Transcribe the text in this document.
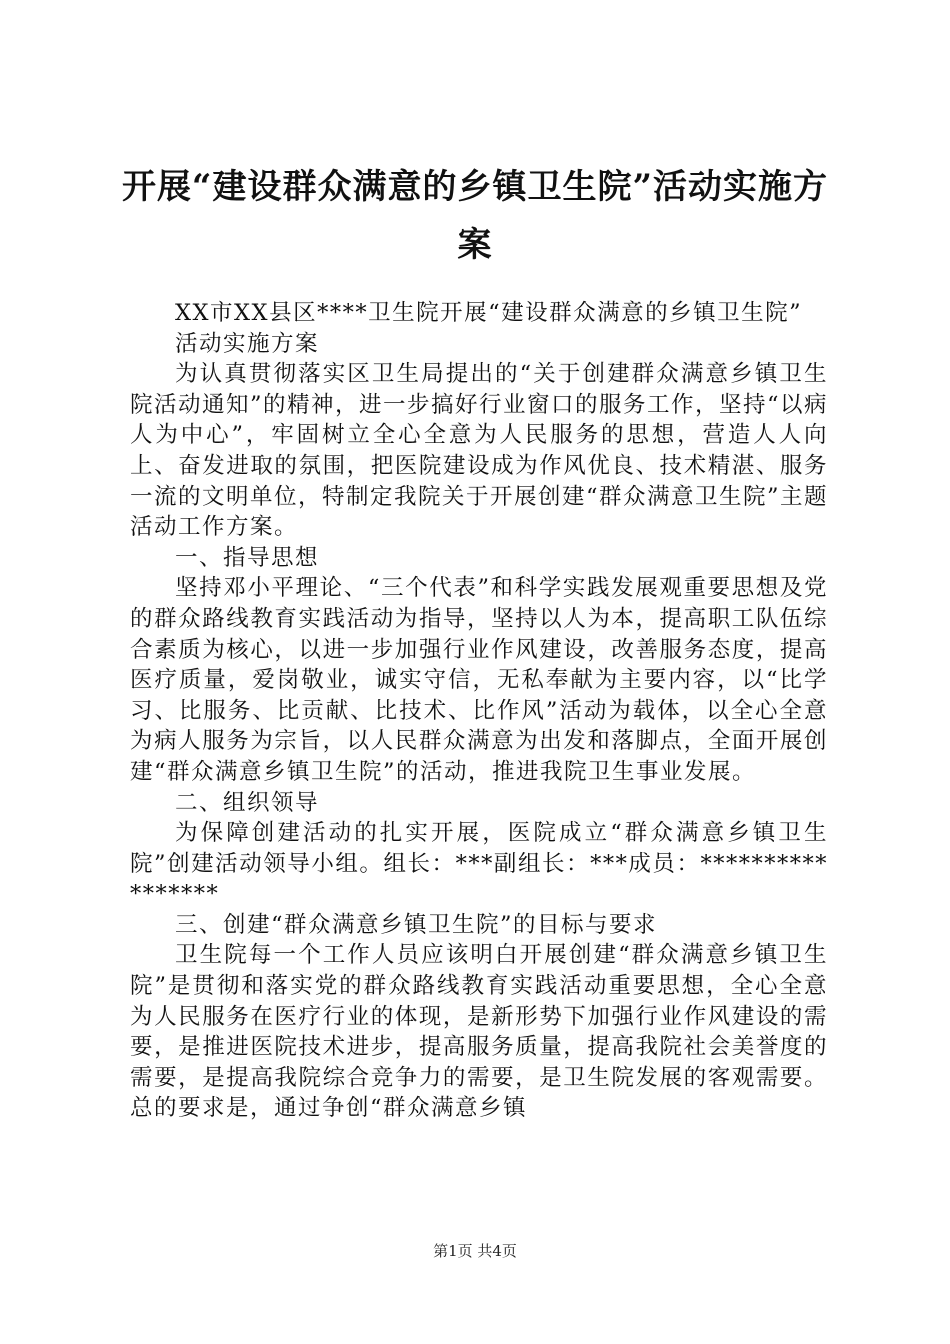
开展“建设群众满意的乡镇卫生院”活动实施方案

XX市XX县区****卫生院开展“建设群众满意的乡镇卫生院”

活动实施方案

为认真贯彻落实区卫生局提出的“关于创建群众满意乡镇卫生院活动通知”的精神，进一步搞好行业窗口的服务工作，坚持“以病人为中心”，牢固树立全心全意为人民服务的思想，营造人人向上、奋发进取的氛围，把医院建设成为作风优良、技术精湛、服务一流的文明单位，特制定我院关于开展创建“群众满意卫生院”主题活动工作方案。

一、指导思想

坚持邓小平理论、“三个代表”和科学实践发展观重要思想及党的群众路线教育实践活动为指导，坚持以人为本，提高职工队伍综合素质为核心，以进一步加强行业作风建设，改善服务态度，提高医疗质量，爱岗敬业，诚实守信，无私奉献为主要内容，以“比学习、比服务、比贡献、比技术、比作风”活动为载体，以全心全意为病人服务为宗旨，以人民群众满意为出发和落脚点，全面开展创建“群众满意乡镇卫生院”的活动，推进我院卫生事业发展。

二、组织领导

为保障创建活动的扎实开展，医院成立“群众满意乡镇卫生院”创建活动领导小组。组长：***副组长：***成员：*****************

三、创建“群众满意乡镇卫生院”的目标与要求

卫生院每一个工作人员应该明白开展创建“群众满意乡镇卫生院”是贯彻和落实党的群众路线教育实践活动重要思想，全心全意为人民服务在医疗行业的体现，是新形势下加强行业作风建设的需要，是推进医院技术进步，提高服务质量，提高我院社会美誉度的需要，是提高我院综合竞争力的需要，是卫生院发展的客观需要。总的要求是，通过争创“群众满意乡镇

第1页 共4页
